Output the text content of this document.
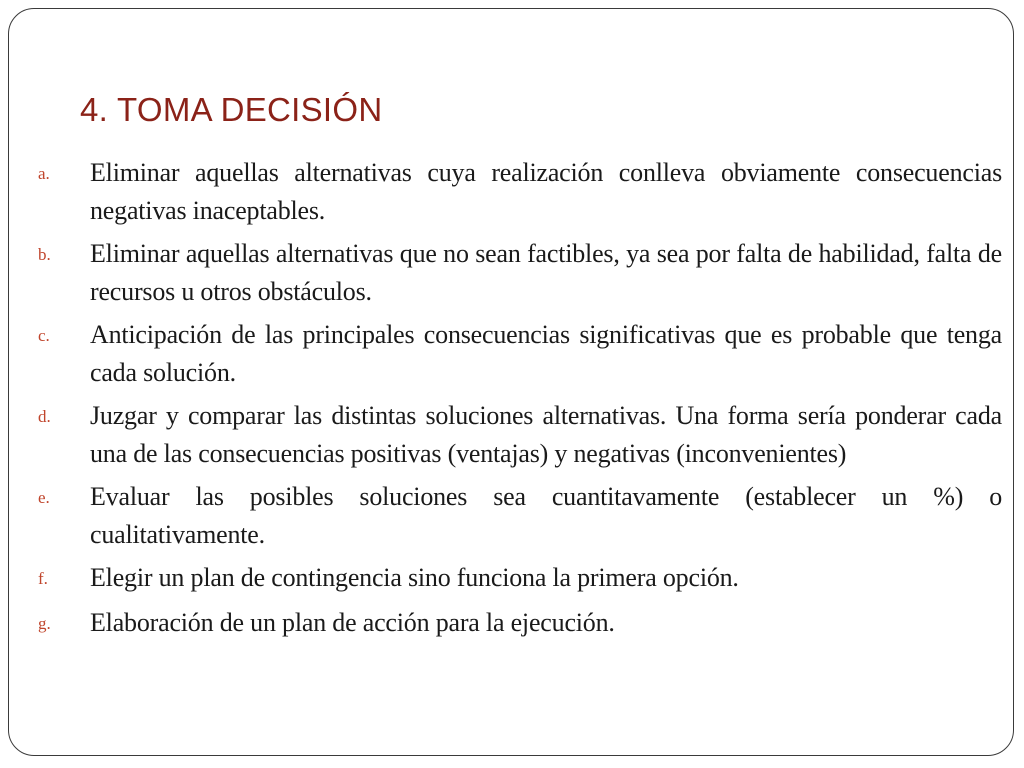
4. TOMA DECISIÓN
a.	Eliminar aquellas alternativas cuya realización conlleva obviamente consecuencias negativas inaceptables.
b.	Eliminar aquellas alternativas que no sean factibles, ya sea por falta de habilidad, falta de recursos u otros obstáculos.
c.	Anticipación de las principales consecuencias significativas que es probable que tenga cada solución.
d.	Juzgar y comparar las distintas soluciones alternativas. Una forma sería ponderar cada una de las consecuencias positivas (ventajas) y negativas (inconvenientes)
e.	Evaluar las posibles soluciones sea cuantitavamente (establecer un %) o cualitativamente.
f.	Elegir un plan de contingencia sino funciona la primera opción.
g.	Elaboración de un plan de acción para la ejecución.
